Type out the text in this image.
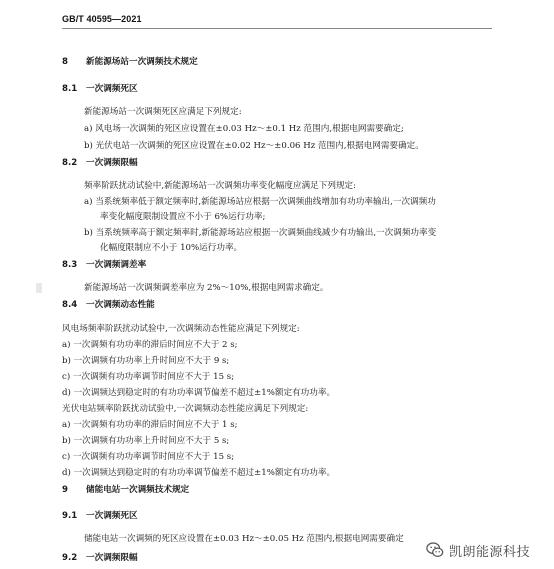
GB/T 40595—2021
8 新能源场站一次调频技术规定
8.1 一次调频死区
新能源场站一次调频死区应满足下列规定:
a) 风电场一次调频的死区应设置在±0.03 Hz～±0.1 Hz 范围内,根据电网需要确定;
b) 光伏电站一次调频的死区应设置在±0.02 Hz～±0.06 Hz 范围内,根据电网需要确定。
8.2 一次调频限幅
频率阶跃扰动试验中,新能源场站一次调频功率变化幅度应满足下列规定:
a) 当系统频率低于额定频率时,新能源场站应根据一次调频曲线增加有功功率输出,一次调频功
率变化幅度限制设置应不小于 6%运行功率;
b) 当系统频率高于额定频率时,新能源场站应根据一次调频曲线减少有功输出,一次调频功率变
化幅度限制应不小于 10%运行功率。
8.3 一次调频调差率
新能源场站一次调频调差率应为 2%～10%,根据电网需求确定。
8.4 一次调频动态性能
风电场频率阶跃扰动试验中,一次调频动态性能应满足下列规定:
a) 一次调频有功功率的滞后时间应不大于 2 s;
b) 一次调频有功功率上升时间应不大于 9 s;
c) 一次调频有功功率调节时间应不大于 15 s;
d) 一次调频达到稳定时的有功功率调节偏差不超过±1%额定有功功率。
光伏电站频率阶跃扰动试验中,一次调频动态性能应满足下列规定:
a) 一次调频有功功率的滞后时间应不大于 1 s;
b) 一次调频有功功率上升时间应不大于 5 s;
c) 一次调频有功功率调节时间应不大于 15 s;
d) 一次调频达到稳定时的有功功率调节偏差不超过±1%额定有功功率。
9 储能电站一次调频技术规定
9.1 一次调频死区
储能电站一次调频的死区应设置在±0.03 Hz～±0.05 Hz 范围内,根据电网需要确定
9.2 一次调频限幅	凯朗能源科技
